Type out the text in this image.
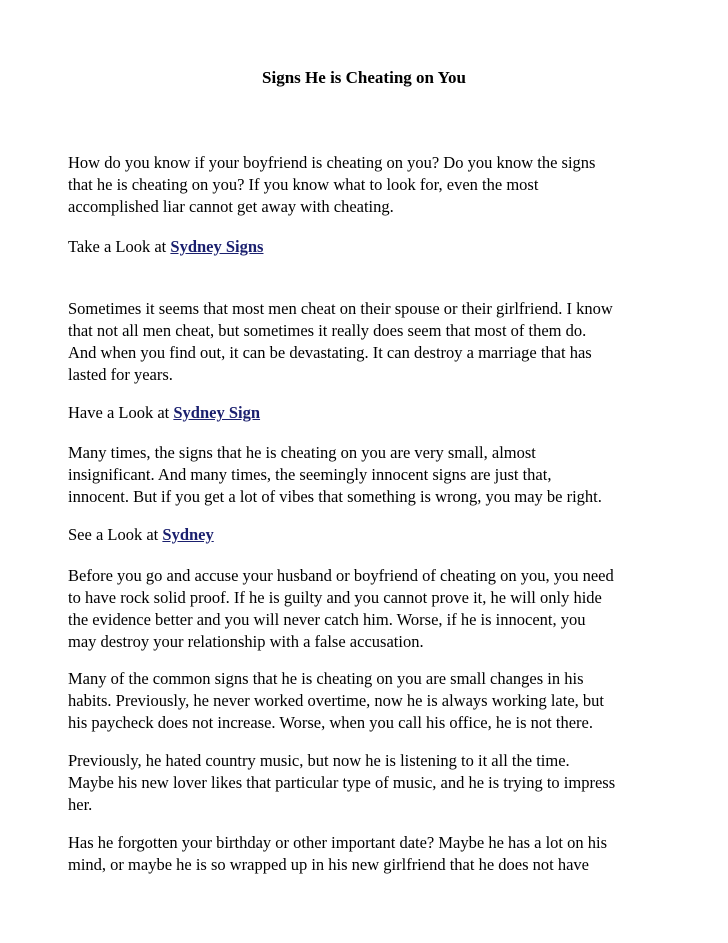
Signs He is Cheating on You

How do you know if your boyfriend is cheating on you? Do you know the signs
that he is cheating on you? If you know what to look for, even the most
accomplished liar cannot get away with cheating.

Take a Look at Sydney Signs

Sometimes it seems that most men cheat on their spouse or their girlfriend. I know
that not all men cheat, but sometimes it really does seem that most of them do.
And when you find out, it can be devastating. It can destroy a marriage that has
lasted for years.

Have a Look at Sydney Sign

Many times, the signs that he is cheating on you are very small, almost
insignificant. And many times, the seemingly innocent signs are just that,
innocent. But if you get a lot of vibes that something is wrong, you may be right.

See a Look at Sydney

Before you go and accuse your husband or boyfriend of cheating on you, you need
to have rock solid proof. If he is guilty and you cannot prove it, he will only hide
the evidence better and you will never catch him. Worse, if he is innocent, you
may destroy your relationship with a false accusation.

Many of the common signs that he is cheating on you are small changes in his
habits. Previously, he never worked overtime, now he is always working late, but
his paycheck does not increase. Worse, when you call his office, he is not there.

Previously, he hated country music, but now he is listening to it all the time.
Maybe his new lover likes that particular type of music, and he is trying to impress
her.

Has he forgotten your birthday or other important date? Maybe he has a lot on his
mind, or maybe he is so wrapped up in his new girlfriend that he does not have
